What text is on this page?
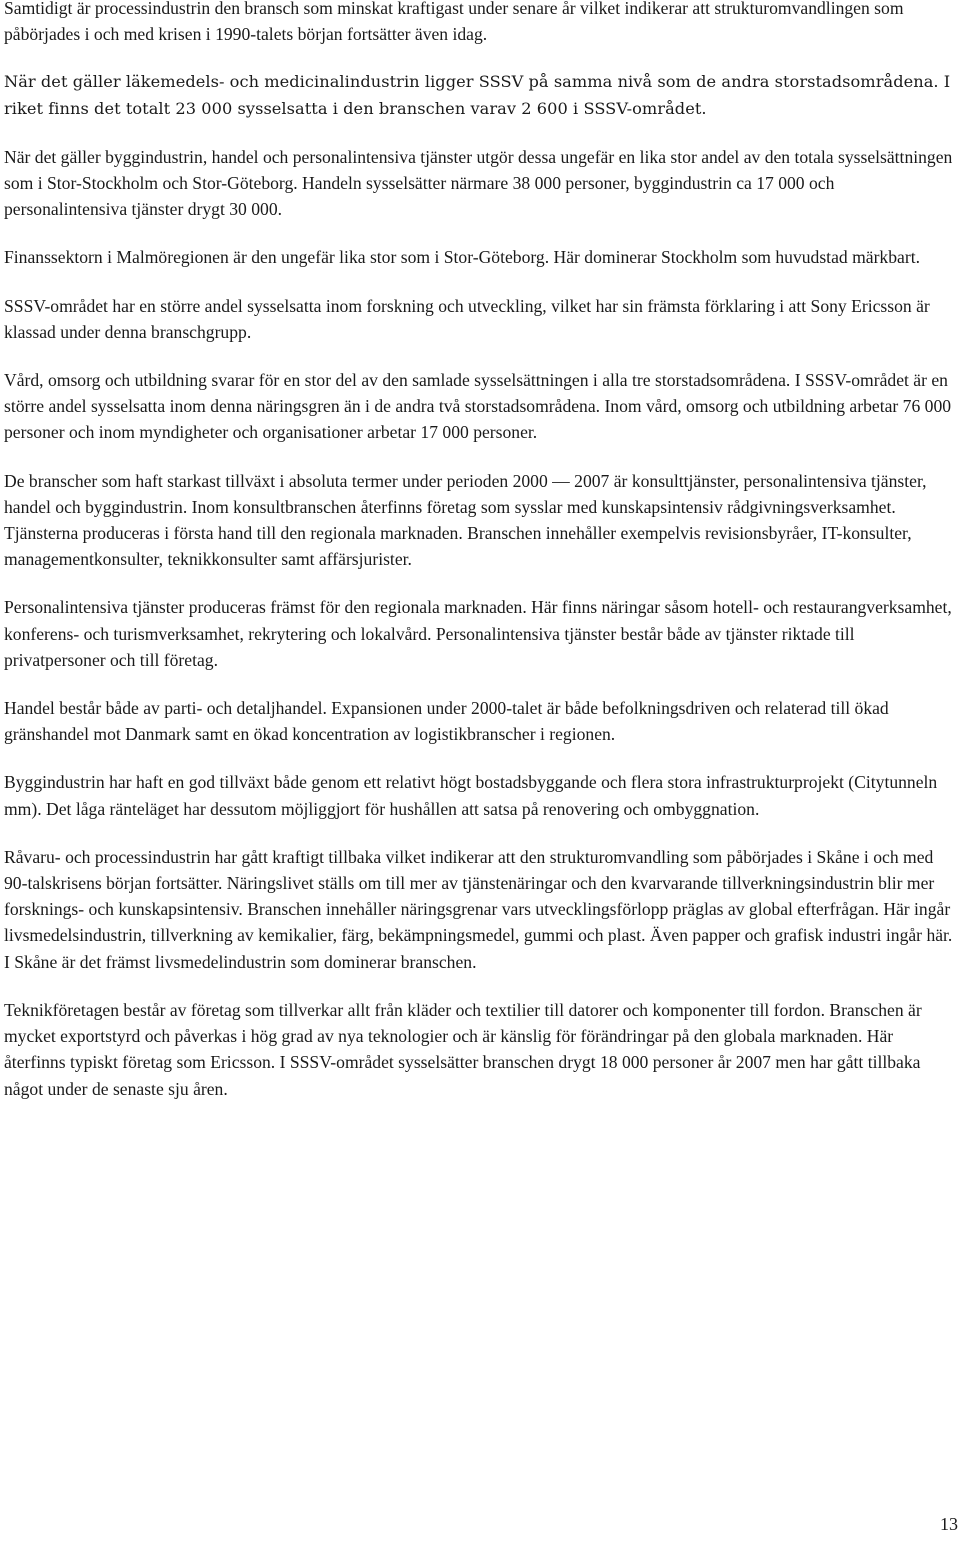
Samtidigt är processindustrin den bransch som minskat kraftigast under senare år vilket indikerar att strukturomvandlingen som påbörjades i och med krisen i 1990-talets början fortsätter även idag.

När det gäller läkemedels- och medicinalindustrin ligger SSSV på samma nivå som de andra storstadsområdena. I riket finns det totalt 23 000 sysselsatta i den branschen varav 2 600 i SSSV-området.

När det gäller byggindustrin, handel och personalintensiva tjänster utgör dessa ungefär en lika stor andel av den totala sysselsättningen som i Stor-Stockholm och Stor-Göteborg. Handeln sysselsätter närmare 38 000 personer, byggindustrin ca 17 000 och personalintensiva tjänster drygt 30 000.

Finanssektorn i Malmöregionen är den ungefär lika stor som i Stor-Göteborg. Här dominerar Stockholm som huvudstad märkbart.

SSSV-området har en större andel sysselsatta inom forskning och utveckling, vilket har sin främsta förklaring i att Sony Ericsson är klassad under denna branschgrupp.

Vård, omsorg och utbildning svarar för en stor del av den samlade sysselsättningen i alla tre storstadsområdena. I SSSV-området är en större andel sysselsatta inom denna näringsgren än i de andra två storstadsområdena. Inom vård, omsorg och utbildning arbetar 76 000 personer och inom myndigheter och organisationer arbetar 17 000 personer.

De branscher som haft starkast tillväxt i absoluta termer under perioden 2000 — 2007 är konsulttjänster, personalintensiva tjänster, handel och byggindustrin. Inom konsultbranschen återfinns företag som sysslar med kunskapsintensiv rådgivningsverksamhet. Tjänsterna produceras i första hand till den regionala marknaden. Branschen innehåller exempelvis revisionsbyråer, IT-konsulter, managementkonsulter, teknikkonsulter samt affärsjurister.

Personalintensiva tjänster produceras främst för den regionala marknaden. Här finns näringar såsom hotell- och restaurangverksamhet, konferens- och turismverksamhet, rekrytering och lokalvård. Personalintensiva tjänster består både av tjänster riktade till privatpersoner och till företag.

Handel består både av parti- och detaljhandel. Expansionen under 2000-talet är både befolkningsdriven och relaterad till ökad gränshandel mot Danmark samt en ökad koncentration av logistikbranscher i regionen.

Byggindustrin har haft en god tillväxt både genom ett relativt högt bostadsbyggande och flera stora infrastrukturprojekt (Citytunneln mm). Det låga ränteläget har dessutom möjliggjort för hushållen att satsa på renovering och ombyggnation.

Råvaru- och processindustrin har gått kraftigt tillbaka vilket indikerar att den strukturomvandling som påbörjades i Skåne i och med 90-talskrisens början fortsätter. Näringslivet ställs om till mer av tjänstenäringar och den kvarvarande tillverkningsindustrin blir mer forsknings- och kunskapsintensiv. Branschen innehåller näringsgrenar vars utvecklingsförlopp präglas av global efterfrågan. Här ingår livsmedelsindustrin, tillverkning av kemikalier, färg, bekämpningsmedel, gummi och plast. Även papper och grafisk industri ingår här. I Skåne är det främst livsmedelindustrin som dominerar branschen.

Teknikföretagen består av företag som tillverkar allt från kläder och textilier till datorer och komponenter till fordon. Branschen är mycket exportstyrd och påverkas i hög grad av nya teknologier och är känslig för förändringar på den globala marknaden. Här återfinns typiskt företag som Ericsson. I SSSV-området sysselsätter branschen drygt 18 000 personer år 2007 men har gått tillbaka något under de senaste sju åren.

13
